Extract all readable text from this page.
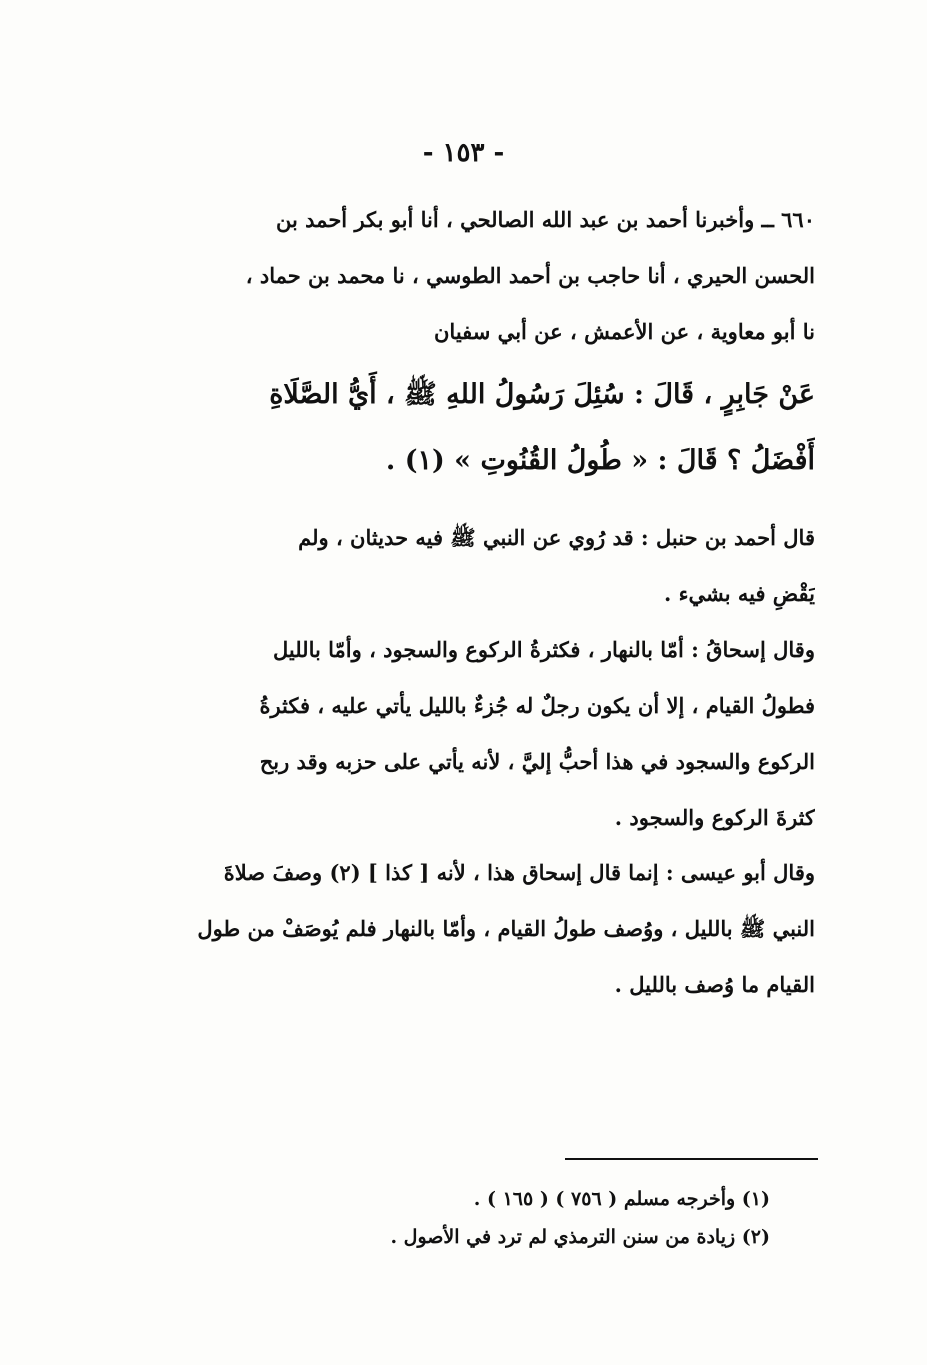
- ١٥٣ -
٦٦٠ ــ وأخبرنا أحمد بن عبد الله الصالحي ، أنا أبو بكر أحمد بن
الحسن الحيري ، أنا حاجب بن أحمد الطوسي ، نا محمد بن حماد ،
نا أبو معاوية ، عن الأعمش ، عن أبي سفيان
عَنْ جَابِرٍ ، قَالَ : سُئِلَ رَسُولُ اللهِ ﷺ ، أَيُّ الصَّلَاةِ
أَفْضَلُ ؟ قَالَ : « طُولُ القُنُوتِ » (١) .
قال أحمد بن حنبل : قد رُوي عن النبي ﷺ فيه حديثان ، ولم
يَقْضِ فيه بشيء .
وقال إسحاقُ : أمّا بالنهار ، فكثرةُ الركوع والسجود ، وأمّا بالليل
فطولُ القيام ، إلا أن يكون رجلٌ له جُزءٌ بالليل يأتي عليه ، فكثرةُ
الركوع والسجود في هذا أحبُّ إليَّ ، لأنه يأتي على حزبه وقد ربح
كثرةَ الركوع والسجود .
وقال أبو عيسى : إنما قال إسحاق هذا ، لأنه [ كذا ] (٢) وصفَ صلاةَ
النبي ﷺ بالليل ، ووُصف طولُ القيام ، وأمّا بالنهار فلم يُوصَفْ من طول
القيام ما وُصف بالليل .
(١) وأخرجه مسلم ( ٧٥٦ ) ( ١٦٥ ) .
(٢) زيادة من سنن الترمذي لم ترد في الأصول .
